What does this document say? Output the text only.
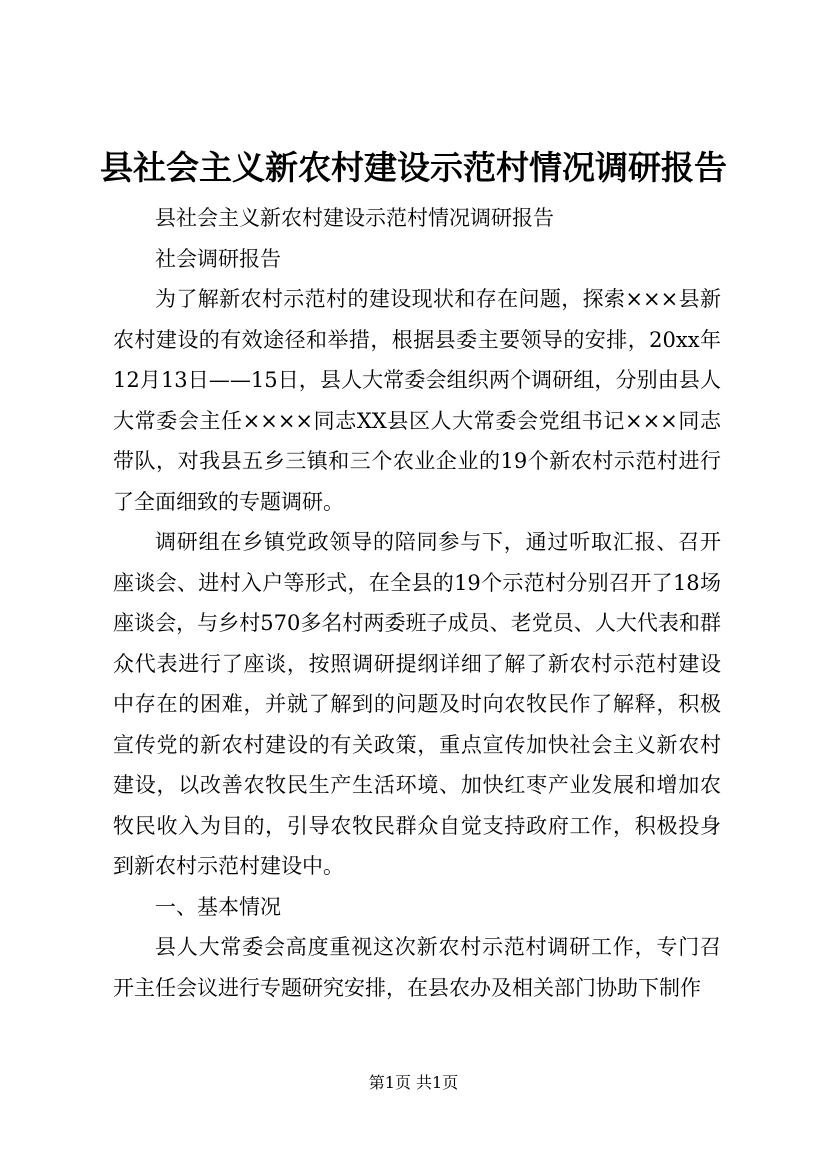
县社会主义新农村建设示范村情况调研报告

县社会主义新农村建设示范村情况调研报告

社会调研报告

为了解新农村示范村的建设现状和存在问题，探索×××县新农村建设的有效途径和举措，根据县委主要领导的安排，20xx年12月13日——15日，县人大常委会组织两个调研组，分别由县人大常委会主任××××同志XX县区人大常委会党组书记×××同志带队，对我县五乡三镇和三个农业企业的19个新农村示范村进行了全面细致的专题调研。

调研组在乡镇党政领导的陪同参与下，通过听取汇报、召开座谈会、进村入户等形式，在全县的19个示范村分别召开了18场座谈会，与乡村570多名村两委班子成员、老党员、人大代表和群众代表进行了座谈，按照调研提纲详细了解了新农村示范村建设中存在的困难，并就了解到的问题及时向农牧民作了解释，积极宣传党的新农村建设的有关政策，重点宣传加快社会主义新农村建设，以改善农牧民生产生活环境、加快红枣产业发展和增加农牧民收入为目的，引导农牧民群众自觉支持政府工作，积极投身到新农村示范村建设中。

一、基本情况

县人大常委会高度重视这次新农村示范村调研工作，专门召开主任会议进行专题研究安排，在县农办及相关部门协助下制作

第1页 共1页
